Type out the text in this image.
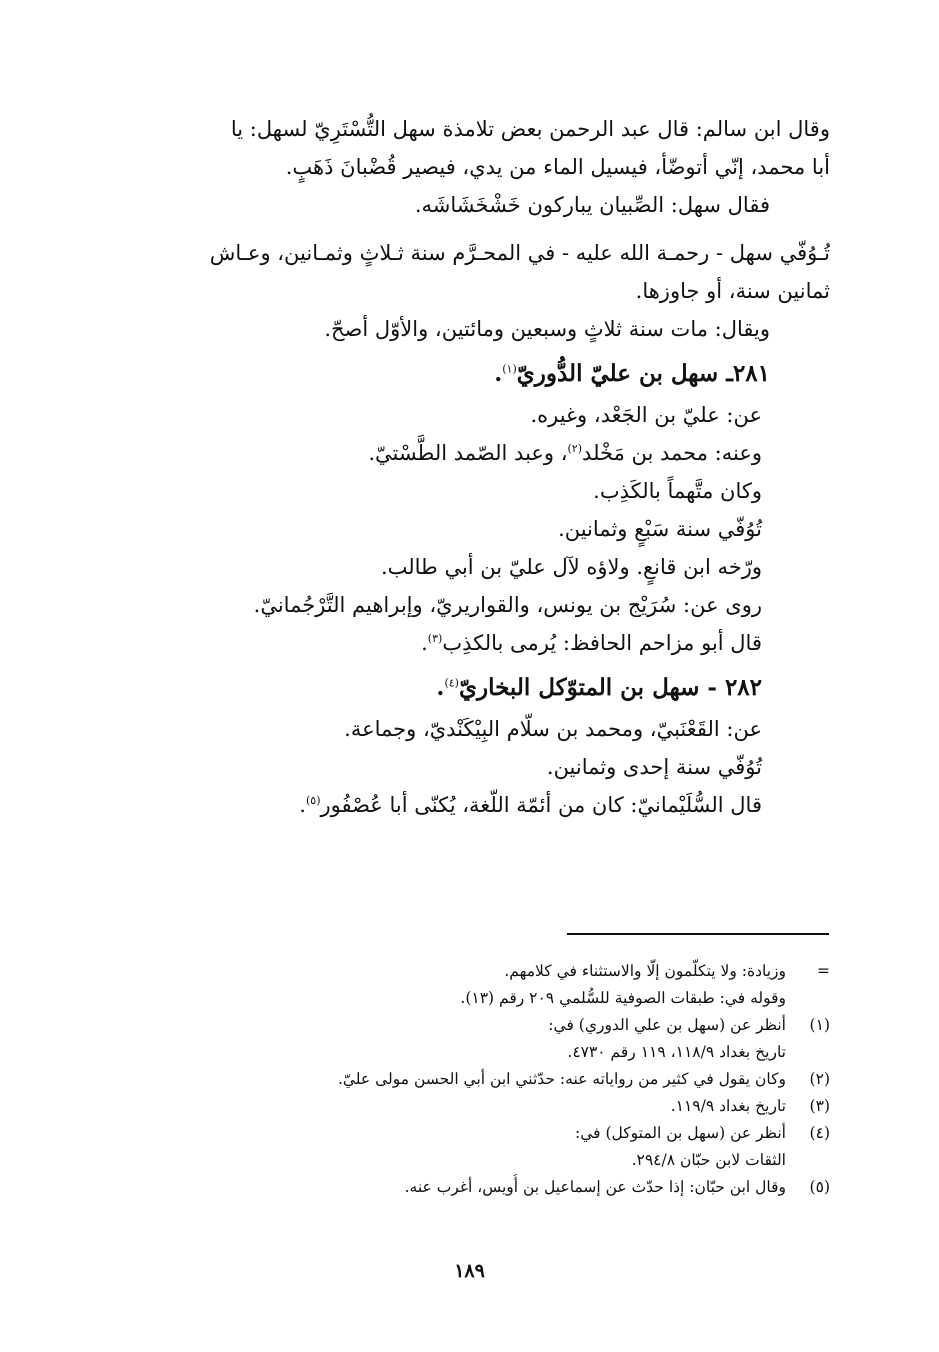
وقال ابن سالم: قال عبد الرحمن بعض تلامذة سهل التُّسْتَرِيّ لسهل: يا
أبا محمد، إنّي أتوضّأ، فيسيل الماء من يدي، فيصير قُضْبانَ ذَهَبٍ.
فقال سهل: الصِّبيان يباركون خَشْخَشَاشَه.
تُـوُفّي سهل - رحمـة الله عليه - في المحـرَّم سنة ثـلاثٍ وثمـانين، وعـاش
ثمانين سنة، أو جاوزها.
ويقال: مات سنة ثلاثٍ وسبعين ومائتين، والأوّل أصحّ.
٢٨١ـ سهل بن عليّ الدُّوريّ$^{(١)}$.
عن: عليّ بن الجَعْد، وغيره.
وعنه: محمد بن مَخْلد$^{(٢)}$، وعبد الصّمد الطَّسْتيّ.
وكان متَّهماً بالكَذِب.
تُوُفّي سنة سَبْعٍ وثمانين.
ورّخه ابن قانعٍ. ولاؤه لآل عليّ بن أبي طالب.
روى عن: سُرَيْج بن يونس، والقواريريّ، وإبراهيم التَّرْجُمانيّ.
قال أبو مزاحم الحافظ: يُرمى بالكذِب$^{(٣)}$.
٢٨٢ - سهل بن المتوّكل البخاريّ$^{(٤)}$.
عن: القَعْنَبيّ، ومحمد بن سلّام البِيْكَنْديّ، وجماعة.
تُوُفّي سنة إحدى وثمانين.
قال السُّلَيْمانيّ: كان من أئمّة اللّغة، يُكنّى أبا عُصْفُور$^{(٥)}$.
=
وزيادة: ولا يتكلّمون إلّا والاستثناء في كلامهم.
وقوله في: طبقات الصوفية للسُّلمي ٢٠٩ رقم (١٣).
(١)
أنظر عن (سهل بن علي الدوري) في:
تاريخ بغداد ١١٨/٩، ١١٩ رقم ٤٧٣٠.
(٢)
وكان يقول في كثير من رواياته عنه: حدّثني ابن أبي الحسن مولى عليّ.
(٣)
تاريخ بغداد ١١٩/٩.
(٤)
أنظر عن (سهل بن المتوكل) في:
الثقات لابن حبّان ٢٩٤/٨.
(٥)
وقال ابن حبّان: إذا حدّث عن إسماعيل بن أُويس، أغرب عنه.
١٨٩
